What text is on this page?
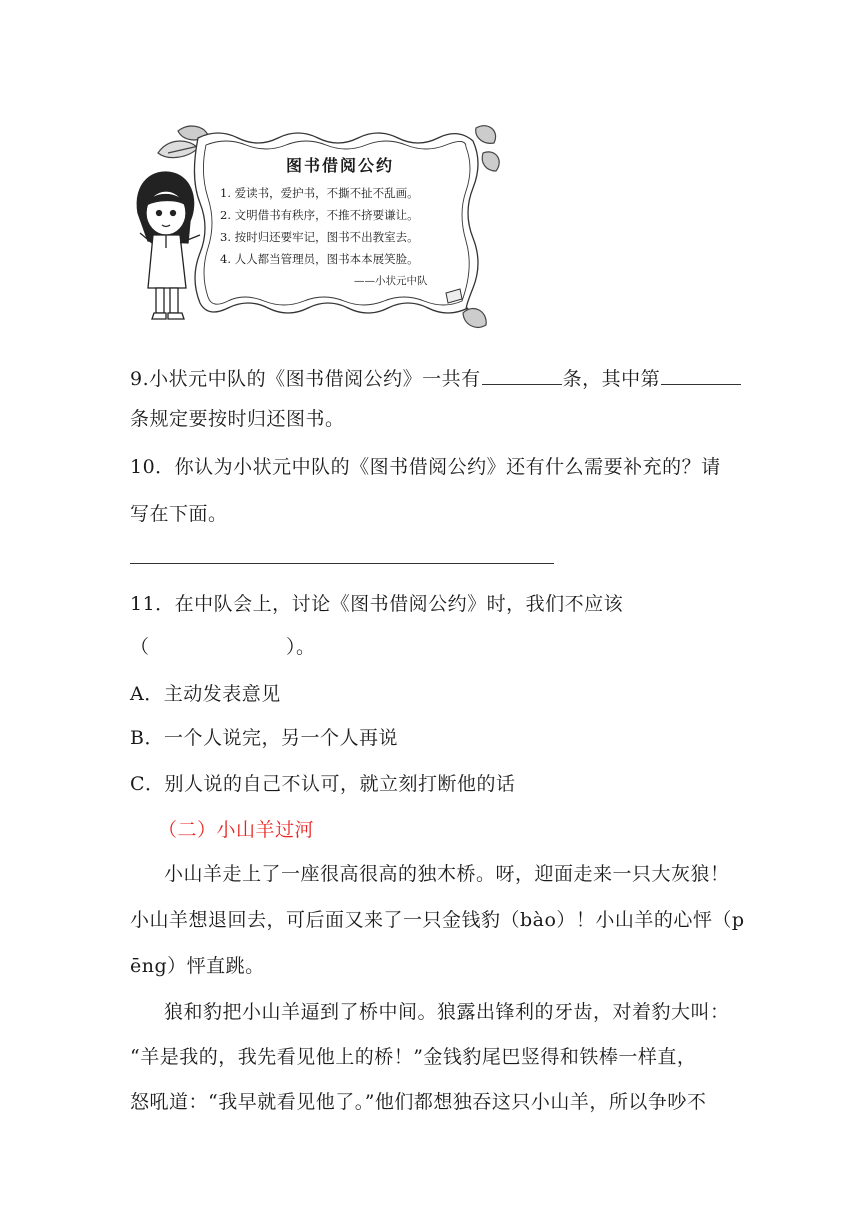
图书借阅公约
1. 爱读书，爱护书，不撕不扯不乱画。
2. 文明借书有秩序，不推不挤要谦让。
3. 按时归还要牢记，图书不出教室去。
4. 人人都当管理员，图书本本展笑脸。
——小状元中队
9.小状元中队的《图书借阅公约》一共有	条，其中第
条规定要按时归还图书。
10．你认为小状元中队的《图书借阅公约》还有什么需要补充的？请
写在下面。
11．在中队会上，讨论《图书借阅公约》时，我们不应该
（　　　　　　　）。
A．主动发表意见
B．一个人说完，另一个人再说
C．别人说的自己不认可，就立刻打断他的话
（二）小山羊过河
小山羊走上了一座很高很高的独木桥。呀，迎面走来一只大灰狼！
小山羊想退回去，可后面又来了一只金钱豹（bào）！小山羊的心怦（p
ēng）怦直跳。
狼和豹把小山羊逼到了桥中间。狼露出锋利的牙齿，对着豹大叫：
“羊是我的，我先看见他上的桥！”金钱豹尾巴竖得和铁棒一样直，
怒吼道：“我早就看见他了。”他们都想独吞这只小山羊，所以争吵不
